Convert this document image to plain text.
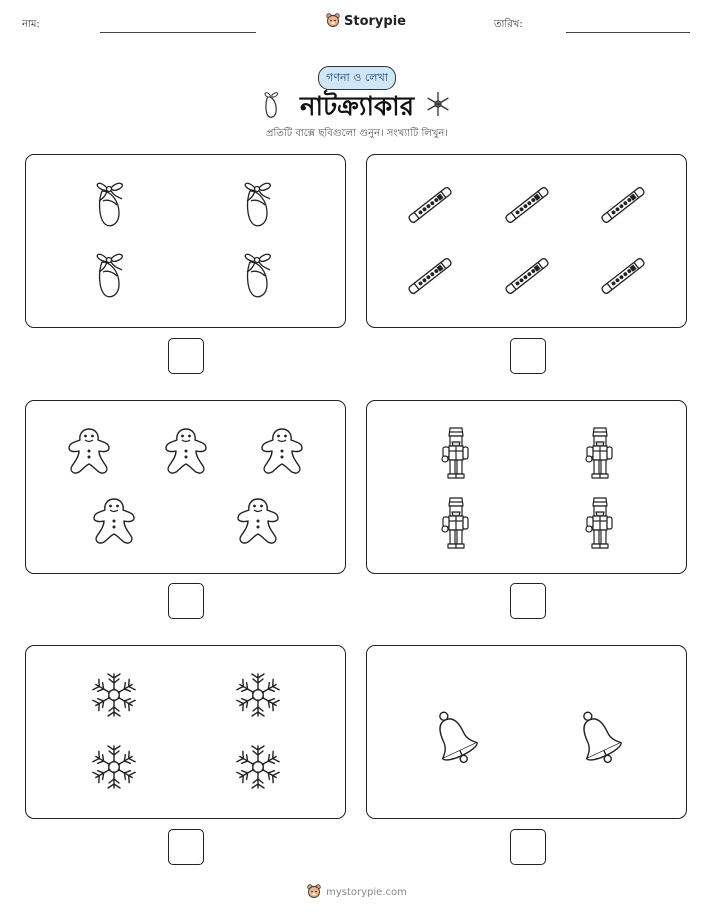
নাম:	Storypie	তারিখ:
গণনা ও লেখা
নাটক্র্যাকার
প্রতিটি বাক্সে ছবিগুলো গুনুন। সংখ্যাটি লিখুন।
mystorypie.com
